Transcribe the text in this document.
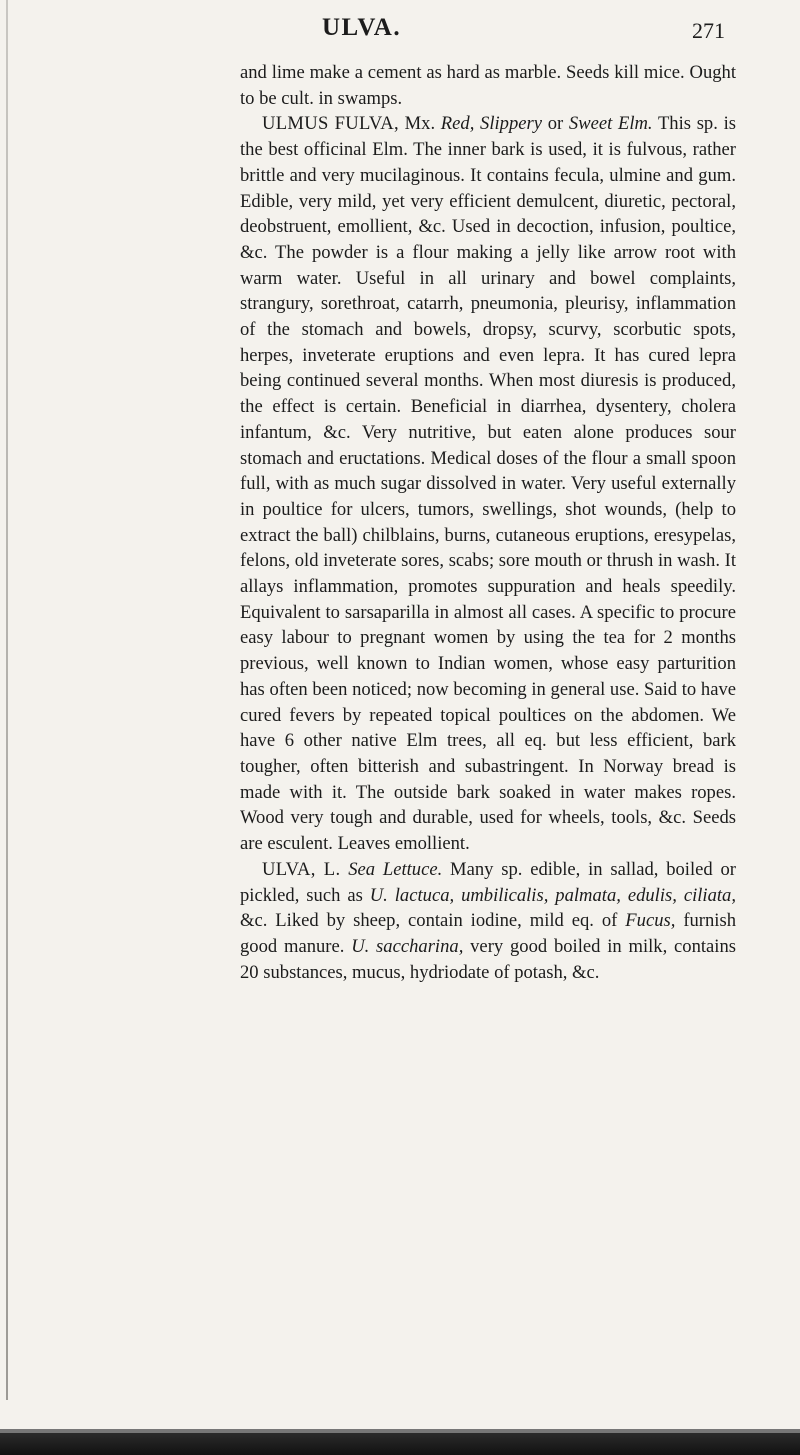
ULVA.	271

and lime make a cement as hard as marble. Seeds kill mice. Ought to be cult. in swamps.

ULMUS FULVA, Mx. Red, Slippery or Sweet Elm. This sp. is the best officinal Elm. The inner bark is used, it is fulvous, rather brittle and very mucilaginous. It contains fecula, ulmine and gum. Edible, very mild, yet very efficient demulcent, diuretic, pectoral, deobstruent, emollient, &c. Used in decoction, infusion, poultice, &c. The powder is a flour making a jelly like arrow root with warm water. Useful in all urinary and bowel complaints, strangury, sorethroat, catarrh, pneumonia, pleurisy, inflammation of the stomach and bowels, dropsy, scurvy, scorbutic spots, herpes, inveterate eruptions and even lepra. It has cured lepra being continued several months. When most diuresis is produced, the effect is certain. Beneficial in diarrhea, dysentery, cholera infantum, &c. Very nutritive, but eaten alone produces sour stomach and eructations. Medical doses of the flour a small spoon full, with as much sugar dissolved in water. Very useful externally in poultice for ulcers, tumors, swellings, shot wounds, (help to extract the ball) chilblains, burns, cutaneous eruptions, eresypelas, felons, old inveterate sores, scabs; sore mouth or thrush in wash. It allays inflammation, promotes suppuration and heals speedily. Equivalent to sarsaparilla in almost all cases. A specific to procure easy labour to pregnant women by using the tea for 2 months previous, well known to Indian women, whose easy parturition has often been noticed; now becoming in general use. Said to have cured fevers by repeated topical poultices on the abdomen. We have 6 other native Elm trees, all eq. but less efficient, bark tougher, often bitterish and subastringent. In Norway bread is made with it. The outside bark soaked in water makes ropes. Wood very tough and durable, used for wheels, tools, &c. Seeds are esculent. Leaves emollient.

ULVA, L. Sea Lettuce. Many sp. edible, in sallad, boiled or pickled, such as U. lactuca, umbilicalis, palmata, edulis, ciliata, &c. Liked by sheep, contain iodine, mild eq. of Fucus, furnish good manure. U. saccharina, very good boiled in milk, contains 20 substances, mucus, hydriodate of potash, &c.
